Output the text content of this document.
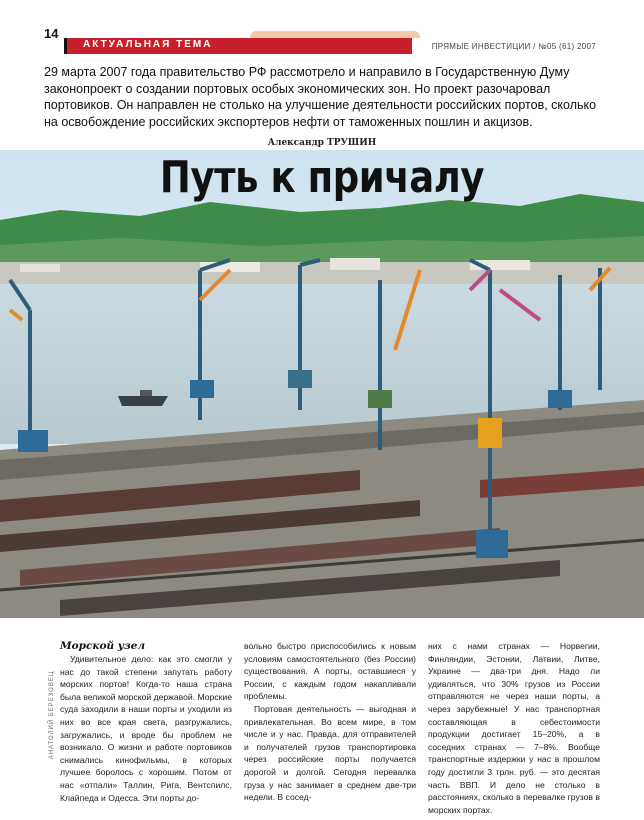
14
АКТУАЛЬНАЯ ТЕМА	ПРЯМЫЕ ИНВЕСТИЦИИ / №05 (61) 2007

29 марта 2007 года правительство РФ рассмотрело и направило в Государственную Думу законопроект о создании портовых особых экономических зон. Но проект разочаровал портовиков. Он направлен не столько на улучшение деятельности российских портов, сколько на освобождение российских экспортеров нефти от таможенных пошлин и акцизов.

Александр ТРУШИН
Путь к причалу
АНАТОЛИЙ БЕРЕЗОВЕЦ

Морской узел

Удивительное дело: как это смогли у нас до такой степени запутать работу морских портов! Когда-то наша страна была великой морской державой. Морские суда заходили в наши порты и уходили из них во все края света, разгружались, загружались, и вроде бы проблем не возникало. О жизни и работе портовиков снимались кинофильмы, в которых лучшее боролось с хорошим. Потом от нас «отпали» Таллин, Рига, Вентспилс, Клайпеда и Одесса. Эти порты до-

вольно быстро приспособились к новым условиям самостоятельного (без России) существования. А порты, оставшиеся у России, с каждым годом накапливали проблемы.

Портовая деятельность — выгодная и привлекательная. Во всем мире, в том числе и у нас. Правда, для отправителей и получателей грузов транспортировка через российские порты получается дорогой и долгой. Сегодня перевалка груза у нас занимает в среднем две-три недели. В сосед-

них с нами странах — Норвегии, Финляндии, Эстонии, Латвии, Литве, Украине — два-три дня. Надо ли удивляться, что 30% грузов из России отправляются не через наши порты, а через зарубежные! У нас транспортная составляющая в себестоимости продукции достигает 15–20%, а в соседних странах — 7–8%. Вообще транспортные издержки у нас в прошлом году достигли 3 трлн. руб. — это десятая часть ВВП. И дело не столько в расстояниях, сколько в перевалке грузов в морских портах.
